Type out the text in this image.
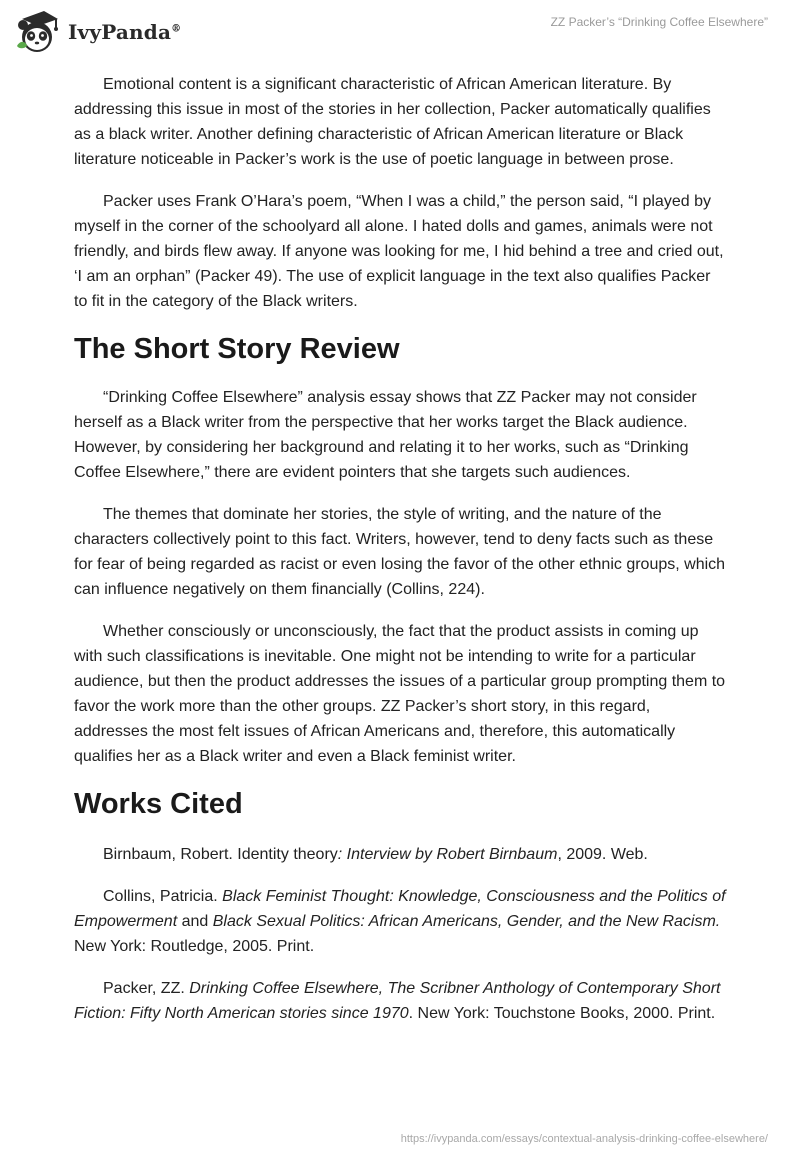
IvyPanda®	ZZ Packer’s “Drinking Coffee Elsewhere”

Emotional content is a significant characteristic of African American literature. By addressing this issue in most of the stories in her collection, Packer automatically qualifies as a black writer. Another defining characteristic of African American literature or Black literature noticeable in Packer’s work is the use of poetic language in between prose.

Packer uses Frank O’Hara’s poem, “When I was a child,” the person said, “I played by myself in the corner of the schoolyard all alone. I hated dolls and games, animals were not friendly, and birds flew away. If anyone was looking for me, I hid behind a tree and cried out, ‘I am an orphan” (Packer 49). The use of explicit language in the text also qualifies Packer to fit in the category of the Black writers.

The Short Story Review

“Drinking Coffee Elsewhere” analysis essay shows that ZZ Packer may not consider herself as a Black writer from the perspective that her works target the Black audience. However, by considering her background and relating it to her works, such as “Drinking Coffee Elsewhere,” there are evident pointers that she targets such audiences.

The themes that dominate her stories, the style of writing, and the nature of the characters collectively point to this fact. Writers, however, tend to deny facts such as these for fear of being regarded as racist or even losing the favor of the other ethnic groups, which can influence negatively on them financially (Collins, 224).

Whether consciously or unconsciously, the fact that the product assists in coming up with such classifications is inevitable. One might not be intending to write for a particular audience, but then the product addresses the issues of a particular group prompting them to favor the work more than the other groups. ZZ Packer’s short story, in this regard, addresses the most felt issues of African Americans and, therefore, this automatically qualifies her as a Black writer and even a Black feminist writer.

Works Cited

Birnbaum, Robert. Identity theory: Interview by Robert Birnbaum, 2009. Web.

Collins, Patricia. Black Feminist Thought: Knowledge, Consciousness and the Politics of Empowerment and Black Sexual Politics: African Americans, Gender, and the New Racism. New York: Routledge, 2005. Print.

Packer, ZZ. Drinking Coffee Elsewhere, The Scribner Anthology of Contemporary Short Fiction: Fifty North American stories since 1970. New York: Touchstone Books, 2000. Print.

https://ivypanda.com/essays/contextual-analysis-drinking-coffee-elsewhere/
